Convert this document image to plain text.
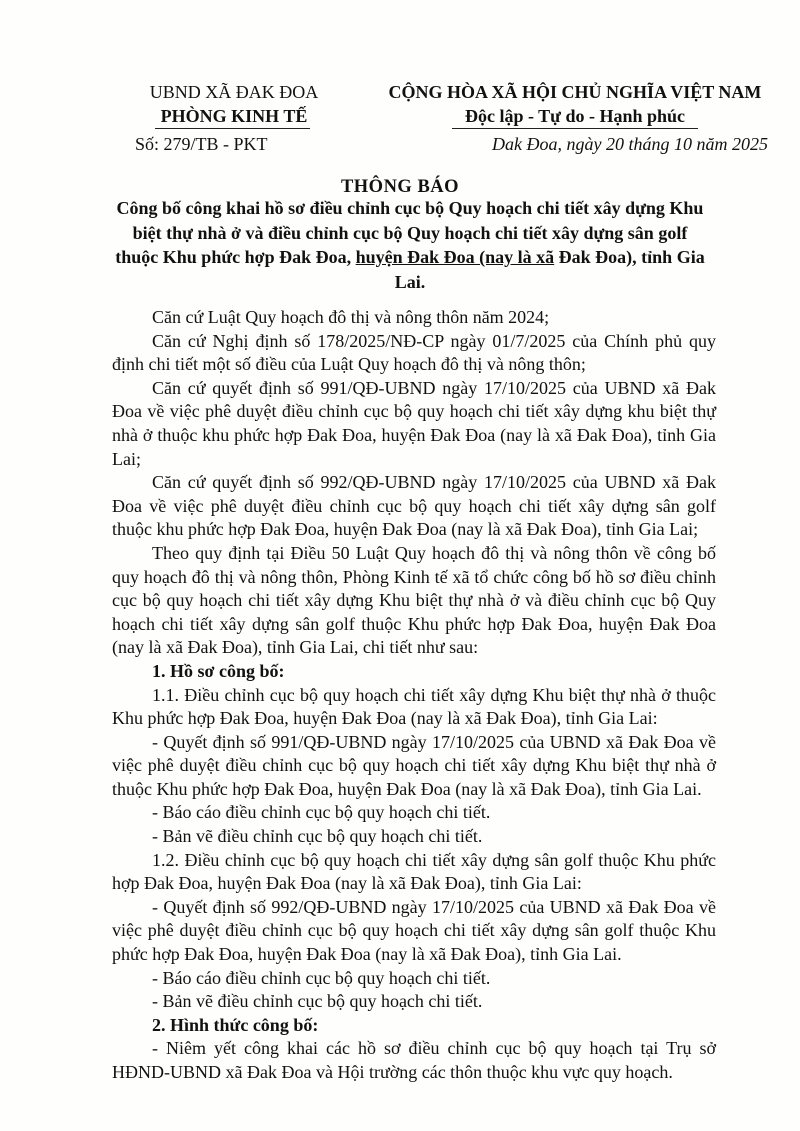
UBND XÃ ĐAK ĐOA
PHÒNG KINH TẾ
CỘNG HÒA XÃ HỘI CHỦ NGHĨA VIỆT NAM
Độc lập - Tự do - Hạnh phúc
Số: 279/TB - PKT	Dak Đoa, ngày 20 tháng 10 năm 2025
THÔNG BÁO
Công bố công khai hồ sơ điều chỉnh cục bộ Quy hoạch chi tiết xây dựng Khu biệt thự nhà ở và điều chỉnh cục bộ Quy hoạch chi tiết xây dựng sân golf thuộc Khu phức hợp Đak Đoa, huyện Đak Đoa (nay là xã Đak Đoa), tỉnh Gia Lai.

Căn cứ Luật Quy hoạch đô thị và nông thôn năm 2024;

Căn cứ Nghị định số 178/2025/NĐ-CP ngày 01/7/2025 của Chính phủ quy định chi tiết một số điều của Luật Quy hoạch đô thị và nông thôn;

Căn cứ quyết định số 991/QĐ-UBND ngày 17/10/2025 của UBND xã Đak Đoa về việc phê duyệt điều chỉnh cục bộ quy hoạch chi tiết xây dựng khu biệt thự nhà ở thuộc khu phức hợp Đak Đoa, huyện Đak Đoa (nay là xã Đak Đoa), tỉnh Gia Lai;

Căn cứ quyết định số 992/QĐ-UBND ngày 17/10/2025 của UBND xã Đak Đoa về việc phê duyệt điều chỉnh cục bộ quy hoạch chi tiết xây dựng sân golf thuộc khu phức hợp Đak Đoa, huyện Đak Đoa (nay là xã Đak Đoa), tỉnh Gia Lai;

Theo quy định tại Điều 50 Luật Quy hoạch đô thị và nông thôn về công bố quy hoạch đô thị và nông thôn, Phòng Kinh tế xã tổ chức công bố hồ sơ điều chỉnh cục bộ quy hoạch chi tiết xây dựng Khu biệt thự nhà ở và điều chỉnh cục bộ Quy hoạch chi tiết xây dựng sân golf thuộc Khu phức hợp Đak Đoa, huyện Đak Đoa (nay là xã Đak Đoa), tỉnh Gia Lai, chi tiết như sau:

1. Hồ sơ công bố:

1.1. Điều chỉnh cục bộ quy hoạch chi tiết xây dựng Khu biệt thự nhà ở thuộc Khu phức hợp Đak Đoa, huyện Đak Đoa (nay là xã Đak Đoa), tỉnh Gia Lai:

- Quyết định số 991/QĐ-UBND ngày 17/10/2025 của UBND xã Đak Đoa về việc phê duyệt điều chỉnh cục bộ quy hoạch chi tiết xây dựng Khu biệt thự nhà ở thuộc Khu phức hợp Đak Đoa, huyện Đak Đoa (nay là xã Đak Đoa), tỉnh Gia Lai.

- Báo cáo điều chỉnh cục bộ quy hoạch chi tiết.

- Bản vẽ điều chỉnh cục bộ quy hoạch chi tiết.

1.2. Điều chỉnh cục bộ quy hoạch chi tiết xây dựng sân golf thuộc Khu phức hợp Đak Đoa, huyện Đak Đoa (nay là xã Đak Đoa), tỉnh Gia Lai:

- Quyết định số 992/QĐ-UBND ngày 17/10/2025 của UBND xã Đak Đoa về việc phê duyệt điều chỉnh cục bộ quy hoạch chi tiết xây dựng sân golf thuộc Khu phức hợp Đak Đoa, huyện Đak Đoa (nay là xã Đak Đoa), tỉnh Gia Lai.

- Báo cáo điều chỉnh cục bộ quy hoạch chi tiết.

- Bản vẽ điều chỉnh cục bộ quy hoạch chi tiết.

2. Hình thức công bố:

- Niêm yết công khai các hồ sơ điều chỉnh cục bộ quy hoạch tại Trụ sở HĐND-UBND xã Đak Đoa và Hội trường các thôn thuộc khu vực quy hoạch.
